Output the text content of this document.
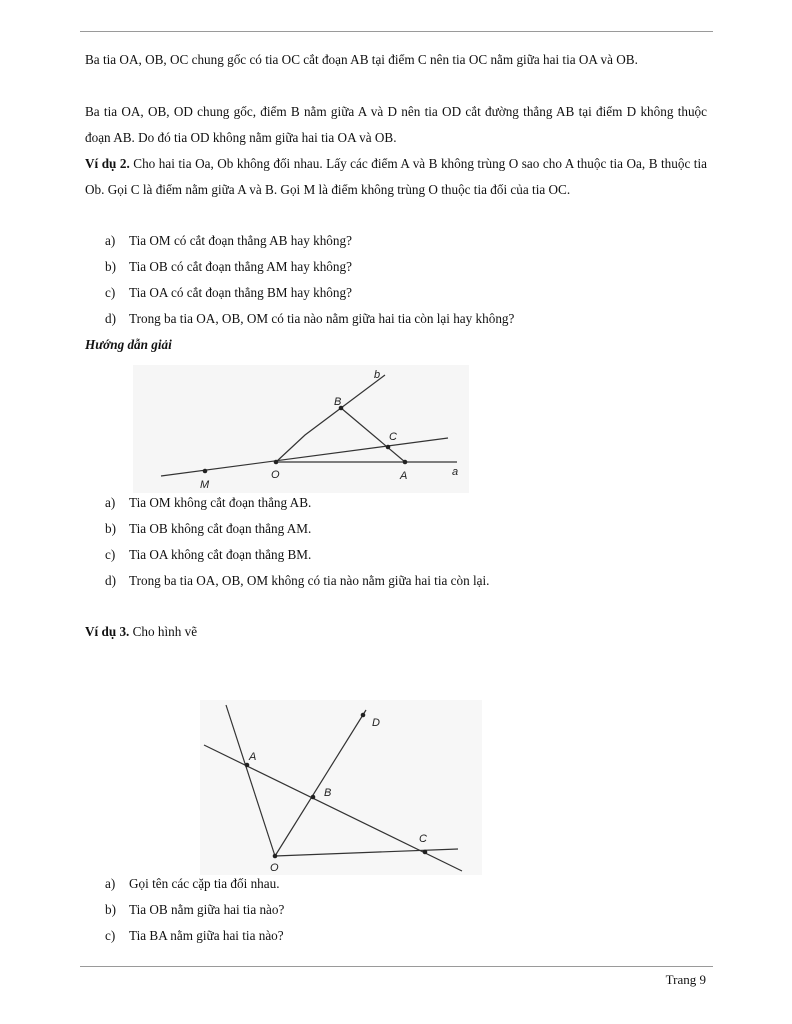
Ba tia OA, OB, OC chung gốc có tia OC cắt đoạn AB tại điểm C nên tia OC nằm giữa hai tia OA và OB.

Ba tia OA, OB, OD chung gốc, điểm B nằm giữa A và D nên tia OD cắt đường thẳng AB tại điểm D không thuộc đoạn AB. Do đó tia OD không nằm giữa hai tia OA và OB.

Ví dụ 2. Cho hai tia Oa, Ob không đối nhau. Lấy các điểm A và B không trùng O sao cho A thuộc tia Oa, B thuộc tia Ob. Gọi C là điểm nằm giữa A và B. Gọi M là điểm không trùng O thuộc tia đối của tia OC.

a) Tia OM có cắt đoạn thẳng AB hay không?
b) Tia OB có cắt đoạn thẳng AM hay không?
c) Tia OA có cắt đoạn thẳng BM hay không?
d) Trong ba tia OA, OB, OM có tia nào nằm giữa hai tia còn lại hay không?
Hướng dẫn giải
b
B
C
O	A	a
M
a) Tia OM không cắt đoạn thẳng AB.
b) Tia OB không cắt đoạn thẳng AM.
c) Tia OA không cắt đoạn thẳng BM.
d) Trong ba tia OA, OB, OM không có tia nào nằm giữa hai tia còn lại.
Ví dụ 3. Cho hình vẽ
D
A
B
C
O
a) Gọi tên các cặp tia đối nhau.
b) Tia OB nằm giữa hai tia nào?
c) Tia BA nằm giữa hai tia nào?
Trang 9
